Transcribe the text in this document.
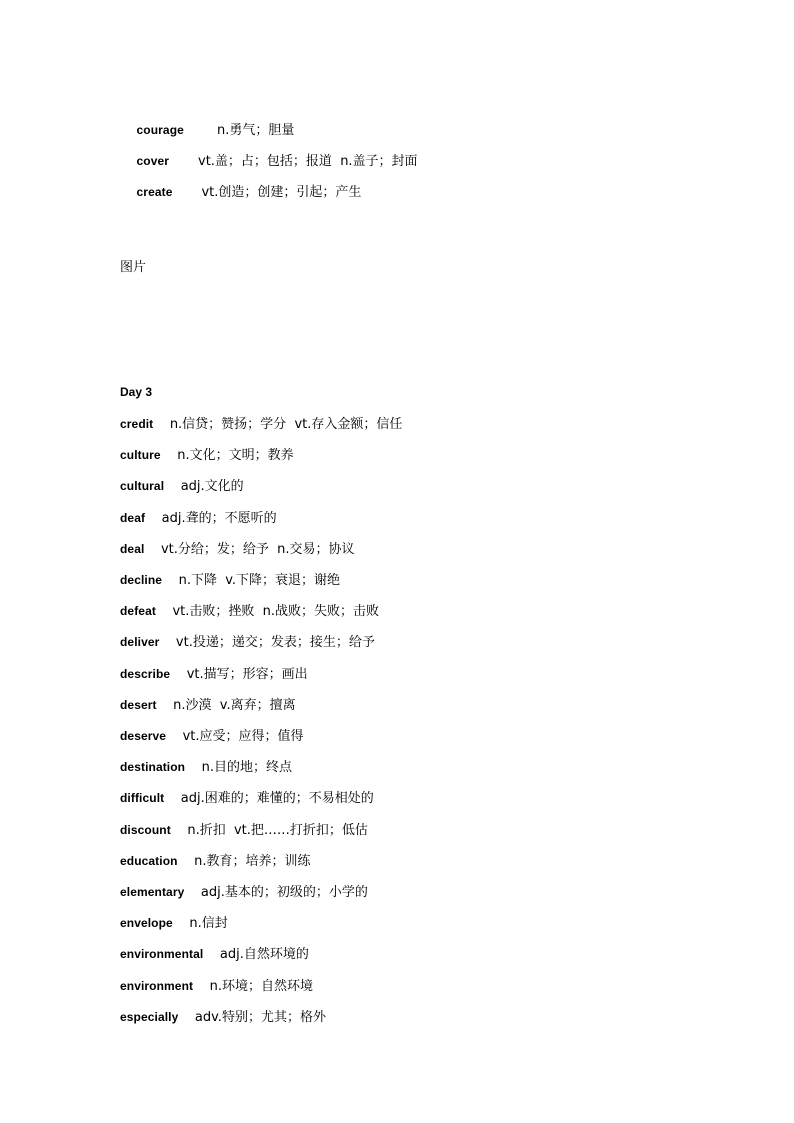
courage	n.勇气；胆量

cover vt.盖；占；包括；报道  n.盖子；封面

create vt.创造；创建；引起；产生

图片
Day 3
credit n.信贷；赞扬；学分  vt.存入金额；信任
culture n.文化；文明；教养
cultural adj.文化的
deaf adj.聋的；不愿听的
deal vt.分给；发；给予  n.交易；协议
decline n.下降  v.下降；衰退；谢绝
defeat vt.击败；挫败  n.战败；失败；击败
deliver vt.投递；递交；发表；接生；给予
describe vt.描写；形容；画出
desert n.沙漠  v.离弃；擅离
deserve vt.应受；应得；值得
destination n.目的地；终点
difficult adj.困难的；难懂的；不易相处的
discount n.折扣  vt.把……打折扣；低估
education n.教育；培养；训练
elementary adj.基本的；初级的；小学的
envelope n.信封
environmental adj.自然环境的
environment n.环境；自然环境
especially adv.特别；尤其；格外
